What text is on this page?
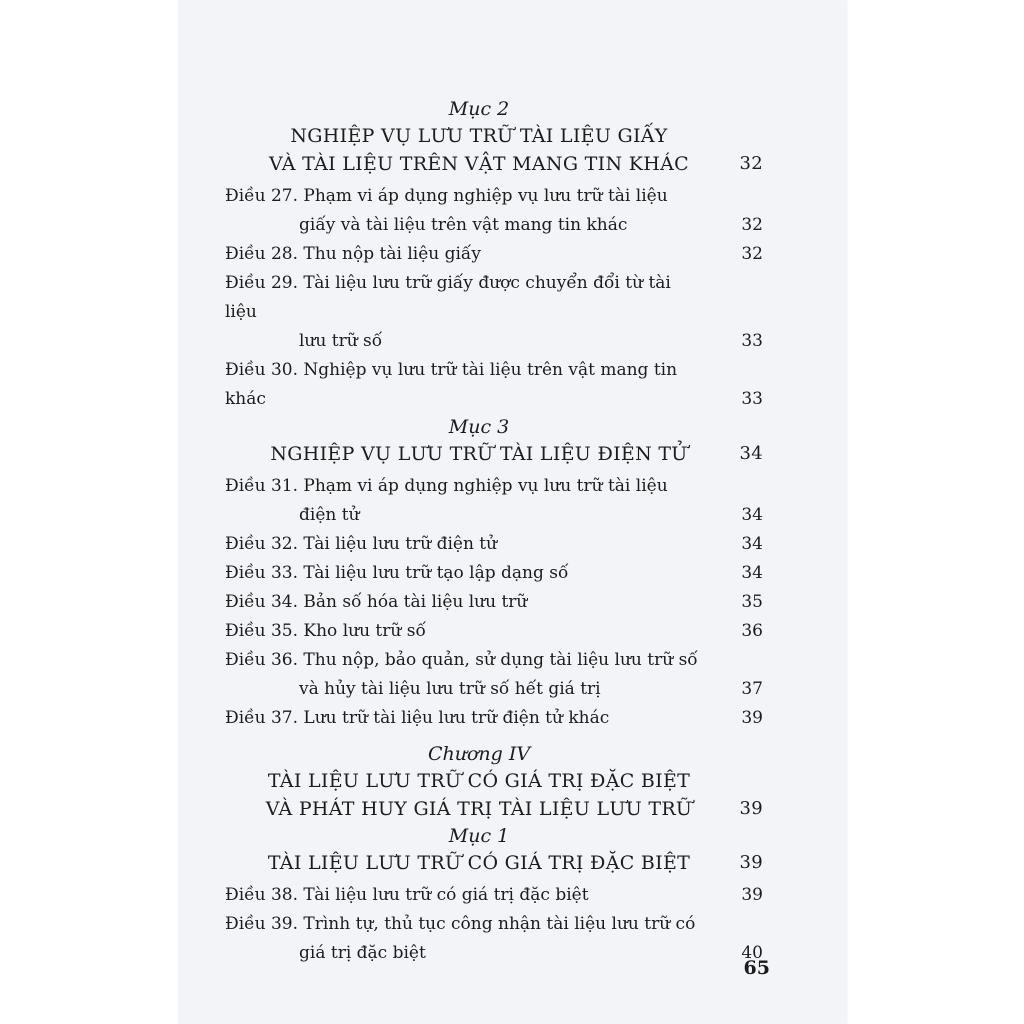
Mục 2
NGHIỆP VỤ LƯU TRỮ TÀI LIỆU GIẤY
VÀ TÀI LIỆU TRÊN VẬT MANG TIN KHÁC	32
Điều 27. Phạm vi áp dụng nghiệp vụ lưu trữ tài liệu
giấy và tài liệu trên vật mang tin khác	32
Điều 28. Thu nộp tài liệu giấy	32
Điều 29. Tài liệu lưu trữ giấy được chuyển đổi từ tài liệu
lưu trữ số	33
Điều 30. Nghiệp vụ lưu trữ tài liệu trên vật mang tin khác	33
Mục 3
NGHIỆP VỤ LƯU TRỮ TÀI LIỆU ĐIỆN TỬ	34
Điều 31. Phạm vi áp dụng nghiệp vụ lưu trữ tài liệu
điện tử	34
Điều 32. Tài liệu lưu trữ điện tử	34
Điều 33. Tài liệu lưu trữ tạo lập dạng số	34
Điều 34. Bản số hóa tài liệu lưu trữ	35
Điều 35. Kho lưu trữ số	36
Điều 36. Thu nộp, bảo quản, sử dụng tài liệu lưu trữ số
và hủy tài liệu lưu trữ số hết giá trị	37
Điều 37. Lưu trữ tài liệu lưu trữ điện tử khác	39
Chương IV
TÀI LIỆU LƯU TRỮ CÓ GIÁ TRỊ ĐẶC BIỆT
VÀ PHÁT HUY GIÁ TRỊ TÀI LIỆU LƯU TRỮ	39
Mục 1
TÀI LIỆU LƯU TRỮ CÓ GIÁ TRỊ ĐẶC BIỆT	39
Điều 38. Tài liệu lưu trữ có giá trị đặc biệt	39
Điều 39. Trình tự, thủ tục công nhận tài liệu lưu trữ có
giá trị đặc biệt	40
65
